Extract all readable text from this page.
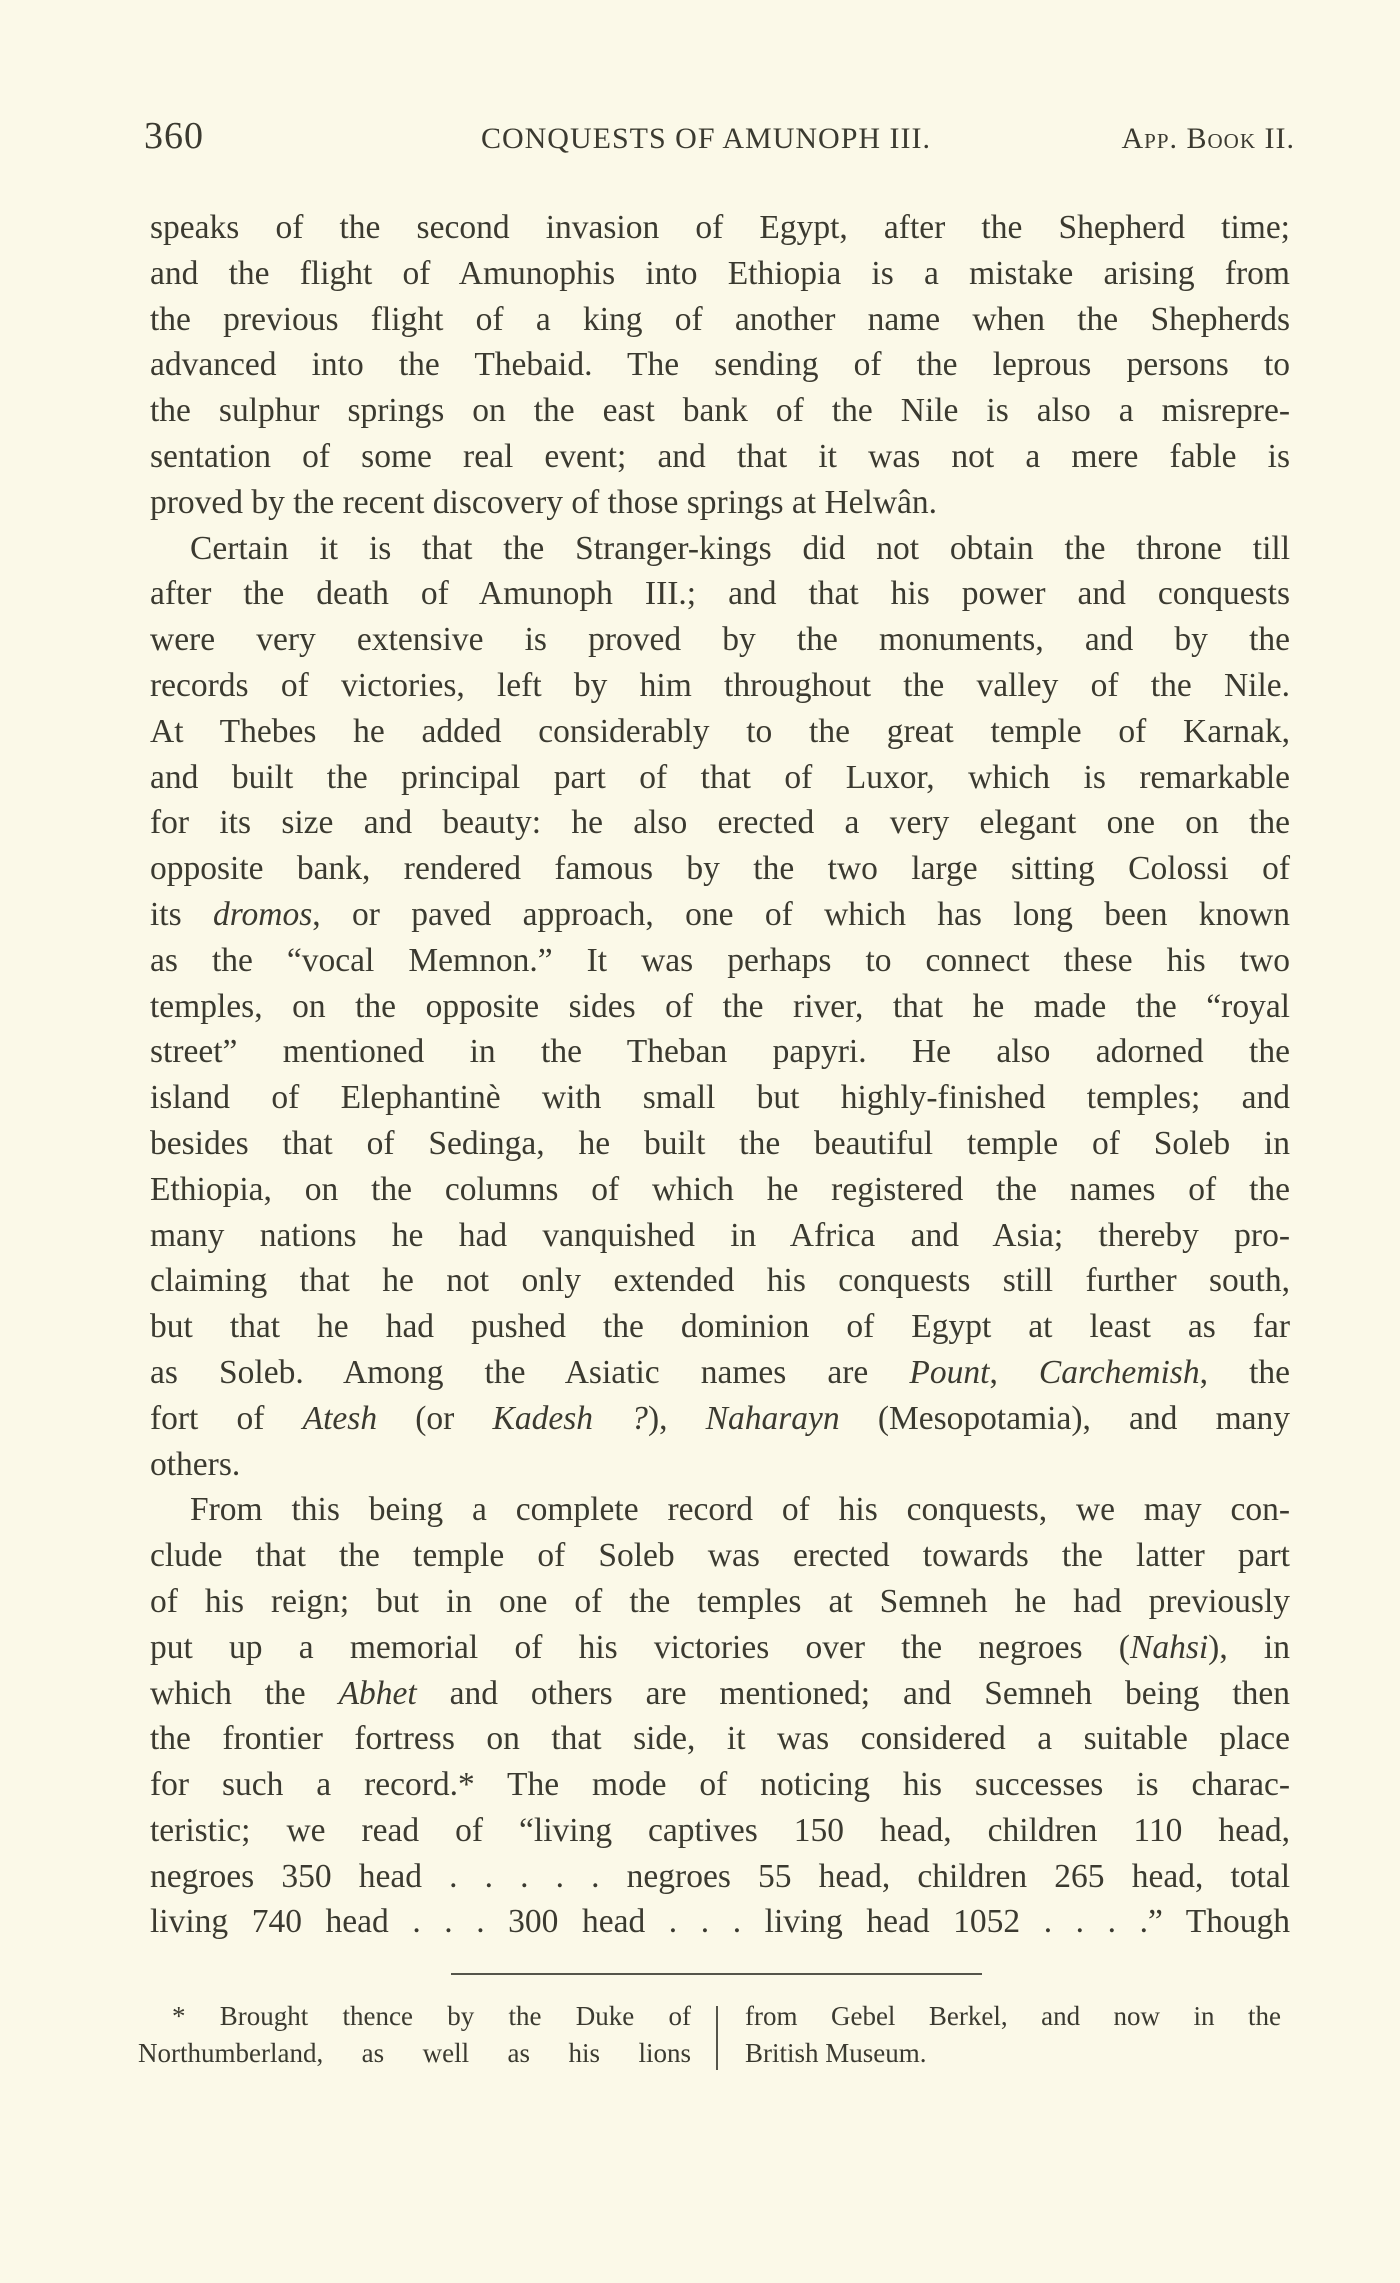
360	CONQUESTS OF AMUNOPH III.	App. Book II.
speaks of the second invasion of Egypt, after the Shepherd time;
and the flight of Amunophis into Ethiopia is a mistake arising from
the previous flight of a king of another name when the Shepherds
advanced into the Thebaid. The sending of the leprous persons to
the sulphur springs on the east bank of the Nile is also a misrepre-
sentation of some real event; and that it was not a mere fable is
proved by the recent discovery of those springs at Helwân.
Certain it is that the Stranger-kings did not obtain the throne till
after the death of Amunoph III.; and that his power and conquests
were very extensive is proved by the monuments, and by the
records of victories, left by him throughout the valley of the Nile.
At Thebes he added considerably to the great temple of Karnak,
and built the principal part of that of Luxor, which is remarkable
for its size and beauty: he also erected a very elegant one on the
opposite bank, rendered famous by the two large sitting Colossi of
its dromos, or paved approach, one of which has long been known
as the “vocal Memnon.” It was perhaps to connect these his two
temples, on the opposite sides of the river, that he made the “royal
street” mentioned in the Theban papyri. He also adorned the
island of Elephantinè with small but highly-finished temples; and
besides that of Sedinga, he built the beautiful temple of Soleb in
Ethiopia, on the columns of which he registered the names of the
many nations he had vanquished in Africa and Asia; thereby pro-
claiming that he not only extended his conquests still further south,
but that he had pushed the dominion of Egypt at least as far
as Soleb. Among the Asiatic names are Pount, Carchemish, the
fort of Atesh (or Kadesh ?), Naharayn (Mesopotamia), and many
others.
From this being a complete record of his conquests, we may con-
clude that the temple of Soleb was erected towards the latter part
of his reign; but in one of the temples at Semneh he had previously
put up a memorial of his victories over the negroes (Nahsi), in
which the Abhet and others are mentioned; and Semneh being then
the frontier fortress on that side, it was considered a suitable place
for such a record.* The mode of noticing his successes is charac-
teristic; we read of “living captives 150 head, children 110 head,
negroes 350 head . . . . . negroes 55 head, children 265 head, total
living 740 head . . . 300 head . . . living head 1052 . . . .” Though
* Brought thence by the Duke of
Northumberland, as well as his lions
from Gebel Berkel, and now in the
British Museum.
